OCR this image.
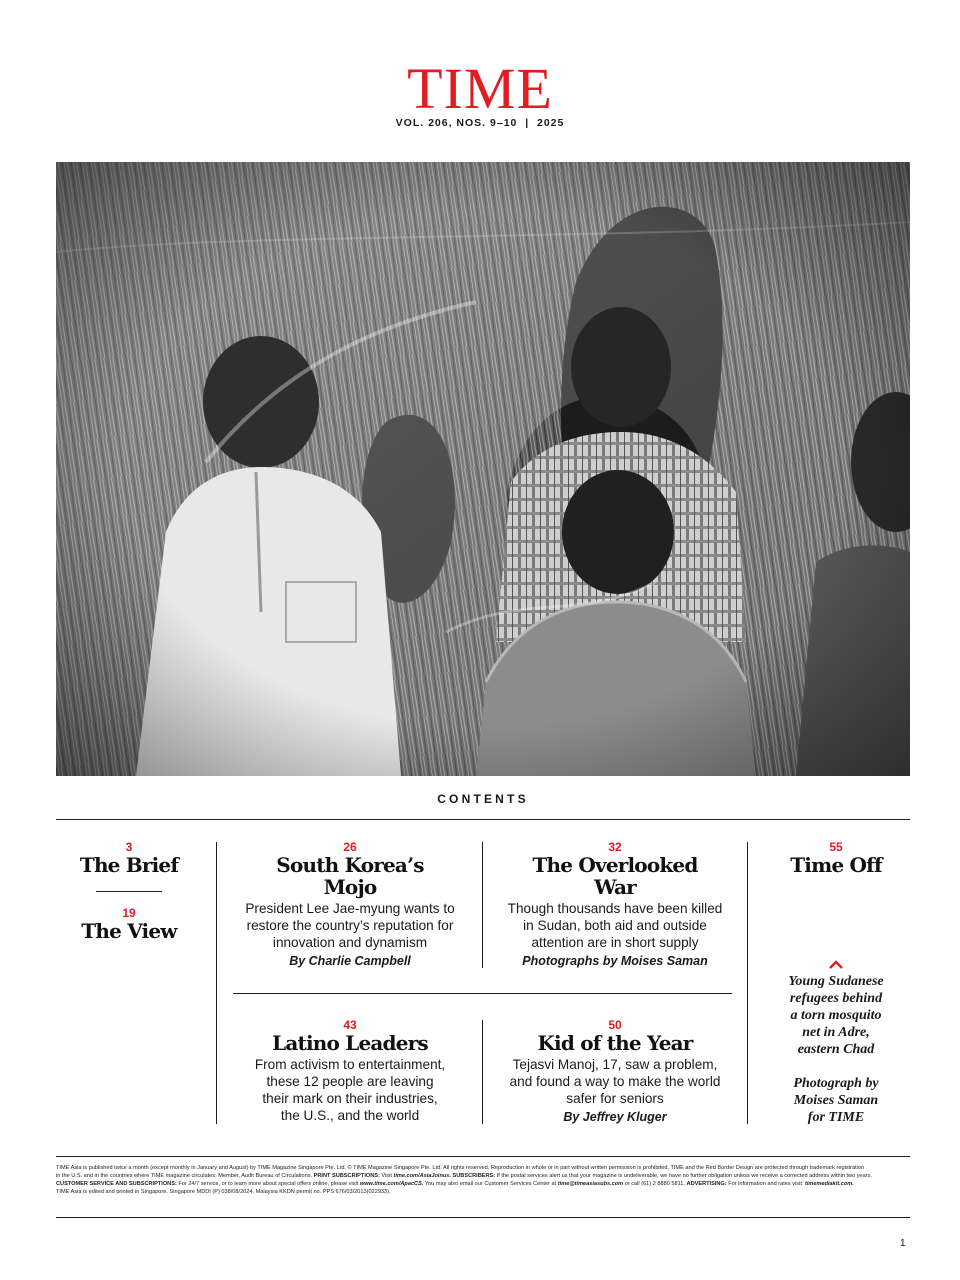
TIME
VOL. 206, NOS. 9–10  |  2025
CONTENTS
3
The Brief
19
The View
26
South Korea’s
Mojo
President Lee Jae-myung wants to
restore the country’s reputation for
innovation and dynamism
By Charlie Campbell
32
The Overlooked
War
Though thousands have been killed
in Sudan, both aid and outside
attention are in short supply
Photographs by Moises Saman
55
Time Off
43
Latino Leaders
From activism to entertainment,
these 12 people are leaving
their mark on their industries,
the U.S., and the world
50
Kid of the Year
Tejasvi Manoj, 17, saw a problem,
and found a way to make the world
safer for seniors
By Jeffrey Kluger

Young Sudanese
refugees behind
a torn mosquito
net in Adre,
eastern Chad

Photograph by
Moises Saman
for TIME

TIME Asia is published twice a month (except monthly in January and August) by TIME Magazine Singapore Pte. Ltd. © TIME Magazine Singapore Pte. Ltd. All rights reserved. Reproduction in whole or in part without written permission is prohibited. TIME and the Red Border Design are protected through trademark registration
in the U.S. and in the countries where TIME magazine circulates. Member, Audit Bureau of Circulations. PRINT SUBSCRIPTIONS: Visit time.com/AsiaJoinus. SUBSCRIBERS: If the postal services alert us that your magazine is undeliverable, we have no further obligation unless we receive a corrected address within two years.
CUSTOMER SERVICE AND SUBSCRIPTIONS: For 24/7 service, or to learn more about special offers online, please visit www.time.com/ApacCS. You may also email our Customer Services Center at time@timeasiasubs.com or call (61) 2 8880 5811. ADVERTISING: For information and rates visit: timemediakit.com.
TIME Asia is edited and printed in Singapore. Singapore MDDI (P) 038/08/2024. Malaysia KKDN permit no. PPS 676/03/2013(022933).
1
